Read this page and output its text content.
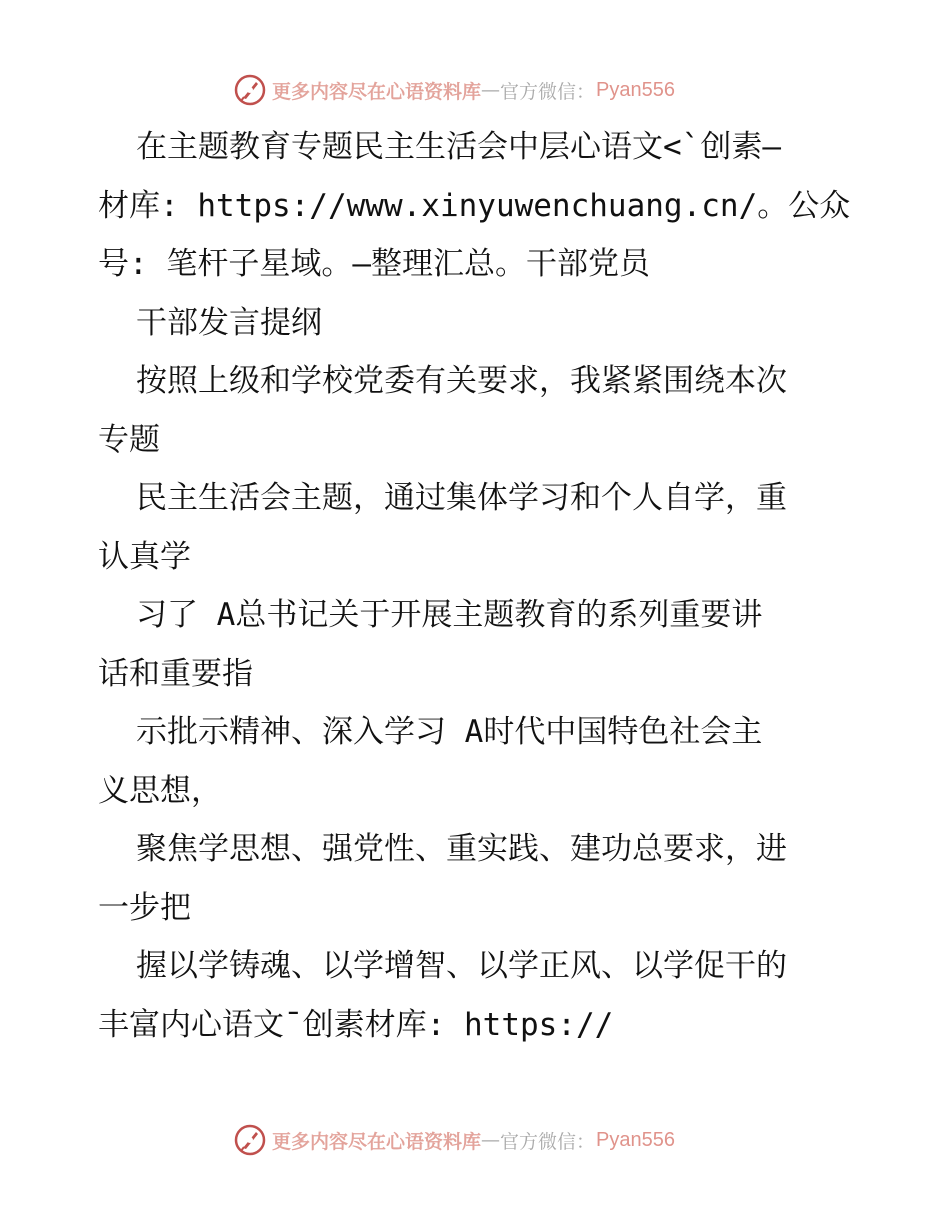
更多内容尽在心语资料库 — 官方微信： Pyan556
在主题教育专题民主生活会中层心语文<`创素—
材库: https://www.xinyuwenchuang.cn/。公众
号: 笔杆子星域。—整理汇总。干部党员
干部发言提纲
按照上级和学校党委有关要求，我紧紧围绕本次
专题
民主生活会主题，通过集体学习和个人自学，重
认真学
习了 A总书记关于开展主题教育的系列重要讲
话和重要指
示批示精神、深入学习 A时代中国特色社会主
义思想，
聚焦学思想、强党性、重实践、建功总要求，进
一步把
握以学铸魂、以学增智、以学正风、以学促干的
丰富内心语文¯创素材库: https://
更多内容尽在心语资料库 — 官方微信： Pyan556
